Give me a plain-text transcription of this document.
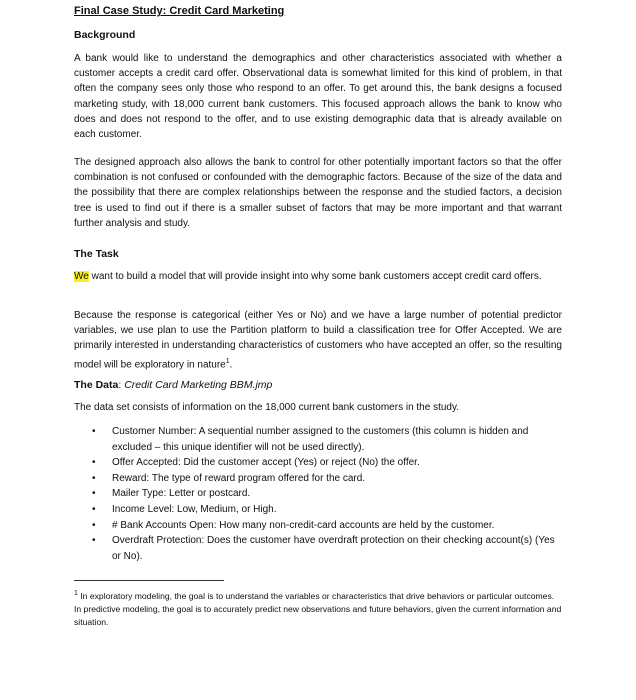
Final Case Study: Credit Card Marketing
Background

A bank would like to understand the demographics and other characteristics associated with whether a customer accepts a credit card offer. Observational data is somewhat limited for this kind of problem, in that often the company sees only those who respond to an offer. To get around this, the bank designs a focused marketing study, with 18,000 current bank customers. This focused approach allows the bank to know who does and does not respond to the offer, and to use existing demographic data that is already available on each customer.

The designed approach also allows the bank to control for other potentially important factors so that the offer combination is not confused or confounded with the demographic factors. Because of the size of the data and the possibility that there are complex relationships between the response and the studied factors, a decision tree is used to find out if there is a smaller subset of factors that may be more important and that warrant further analysis and study.

The Task

We want to build a model that will provide insight into why some bank customers accept credit card offers.

Because the response is categorical (either Yes or No) and we have a large number of potential predictor variables, we use plan to use the Partition platform to build a classification tree for Offer Accepted. We are primarily interested in understanding characteristics of customers who have accepted an offer, so the resulting model will be exploratory in nature$^1$.

The Data: Credit Card Marketing BBM.jmp

The data set consists of information on the 18,000 current bank customers in the study.

• Customer Number: A sequential number assigned to the customers (this column is hidden and excluded – this unique identifier will not be used directly).
• Offer Accepted: Did the customer accept (Yes) or reject (No) the offer.
• Reward: The type of reward program offered for the card.
• Mailer Type: Letter or postcard.
• Income Level: Low, Medium, or High.
• # Bank Accounts Open: How many non-credit-card accounts are held by the customer.
• Overdraft Protection: Does the customer have overdraft protection on their checking account(s) (Yes or No).

$^1$ In exploratory modeling, the goal is to understand the variables or characteristics that drive behaviors or particular outcomes. In predictive modeling, the goal is to accurately predict new observations and future behaviors, given the current information and situation.
